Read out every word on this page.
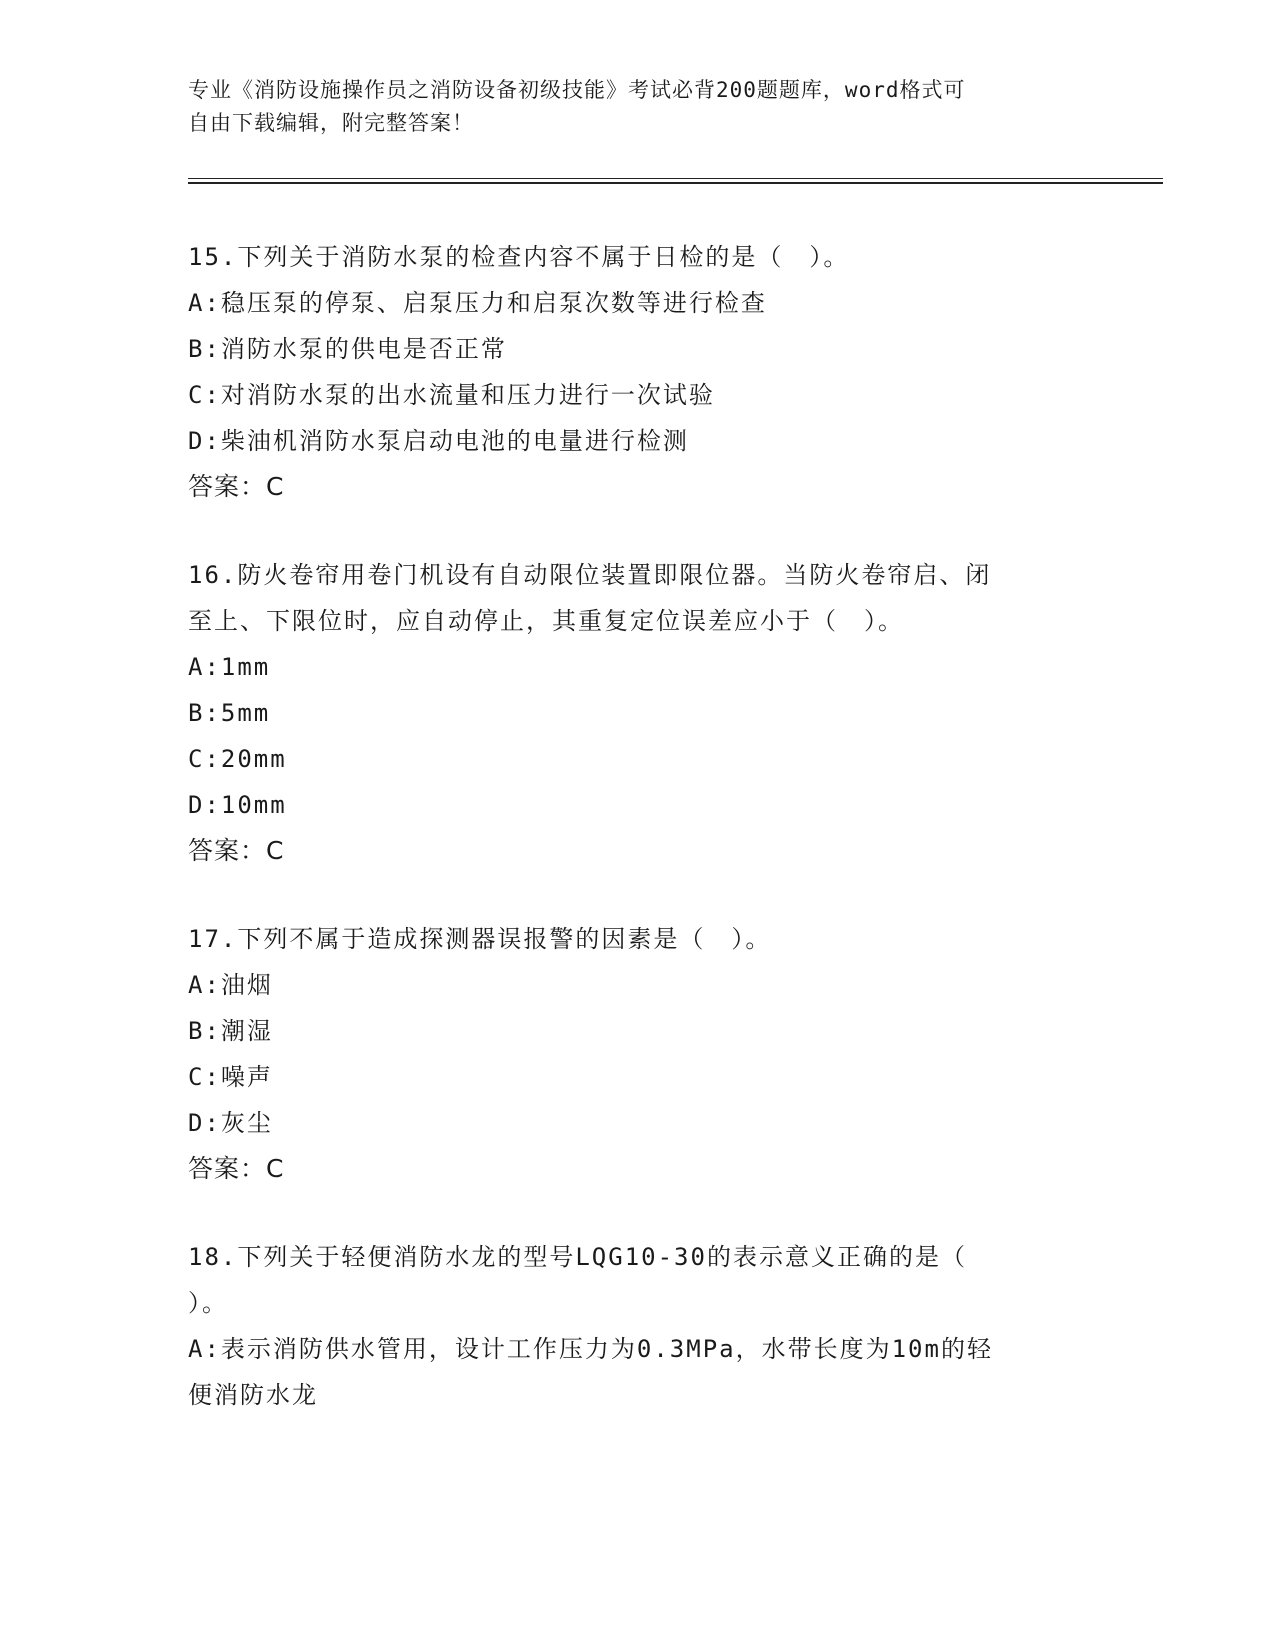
专业《消防设施操作员之消防设备初级技能》考试必背200题题库，word格式可
自由下载编辑，附完整答案！
15.下列关于消防水泵的检查内容不属于日检的是（　）。
A:稳压泵的停泵、启泵压力和启泵次数等进行检查
B:消防水泵的供电是否正常
C:对消防水泵的出水流量和压力进行一次试验
D:柴油机消防水泵启动电池的电量进行检测
答案：C
16.防火卷帘用卷门机设有自动限位装置即限位器。当防火卷帘启、闭
至上、下限位时，应自动停止，其重复定位误差应小于（　）。
A:1mm
B:5mm
C:20mm
D:10mm
答案：C
17.下列不属于造成探测器误报警的因素是（　）。
A:油烟
B:潮湿
C:噪声
D:灰尘
答案：C
18.下列关于轻便消防水龙的型号LQG10-30的表示意义正确的是（
）。
A:表示消防供水管用，设计工作压力为0.3MPa，水带长度为10m的轻
便消防水龙
